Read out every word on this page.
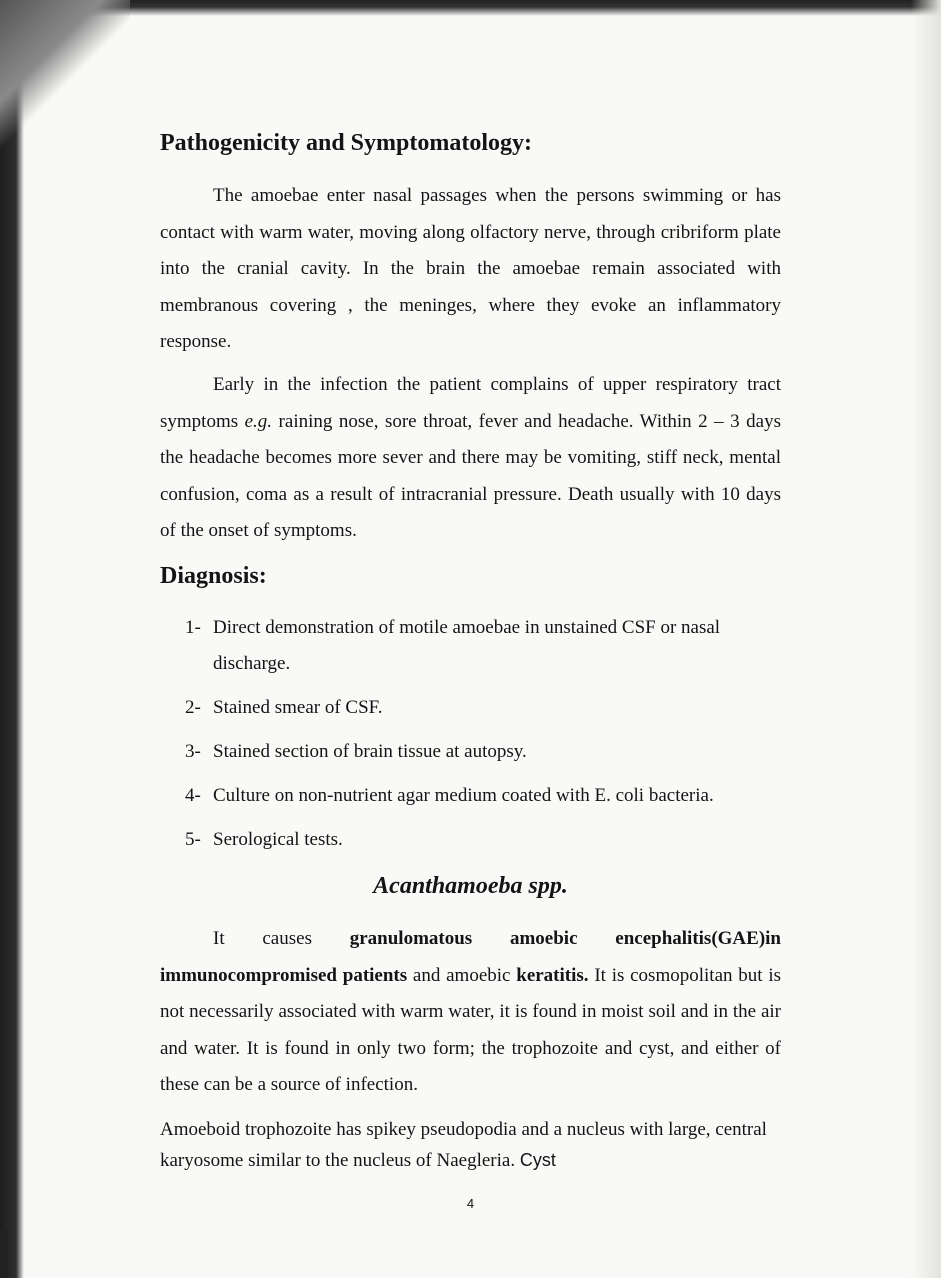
Pathogenicity and Symptomatology:

The amoebae enter nasal passages when the persons swimming or has contact with warm water, moving along olfactory nerve, through cribriform plate into the cranial cavity. In the brain the amoebae remain associated with membranous covering , the meninges, where they evoke an inflammatory response.

Early in the infection the patient complains of upper respiratory tract symptoms e.g. raining nose, sore throat, fever and headache. Within 2 – 3 days the headache becomes more sever and there may be vomiting, stiff neck, mental confusion, coma as a result of intracranial pressure. Death usually with 10 days of the onset of symptoms.

Diagnosis:
1- Direct demonstration of motile amoebae in unstained CSF or nasal discharge.
2- Stained smear of CSF.
3- Stained section of brain tissue at autopsy.
4- Culture on non-nutrient agar medium coated with E. coli bacteria.
5- Serological tests.

Acanthamoeba spp.

It causes granulomatous amoebic encephalitis(GAE)in immunocompromised patients and amoebic keratitis. It is cosmopolitan but is not necessarily associated with warm water, it is found in moist soil and in the air and water. It is found in only two form; the trophozoite and cyst, and either of these can be a source of infection.

Amoeboid trophozoite has spikey pseudopodia and a nucleus with large, central karyosome similar to the nucleus of Naegleria. Cyst

4
